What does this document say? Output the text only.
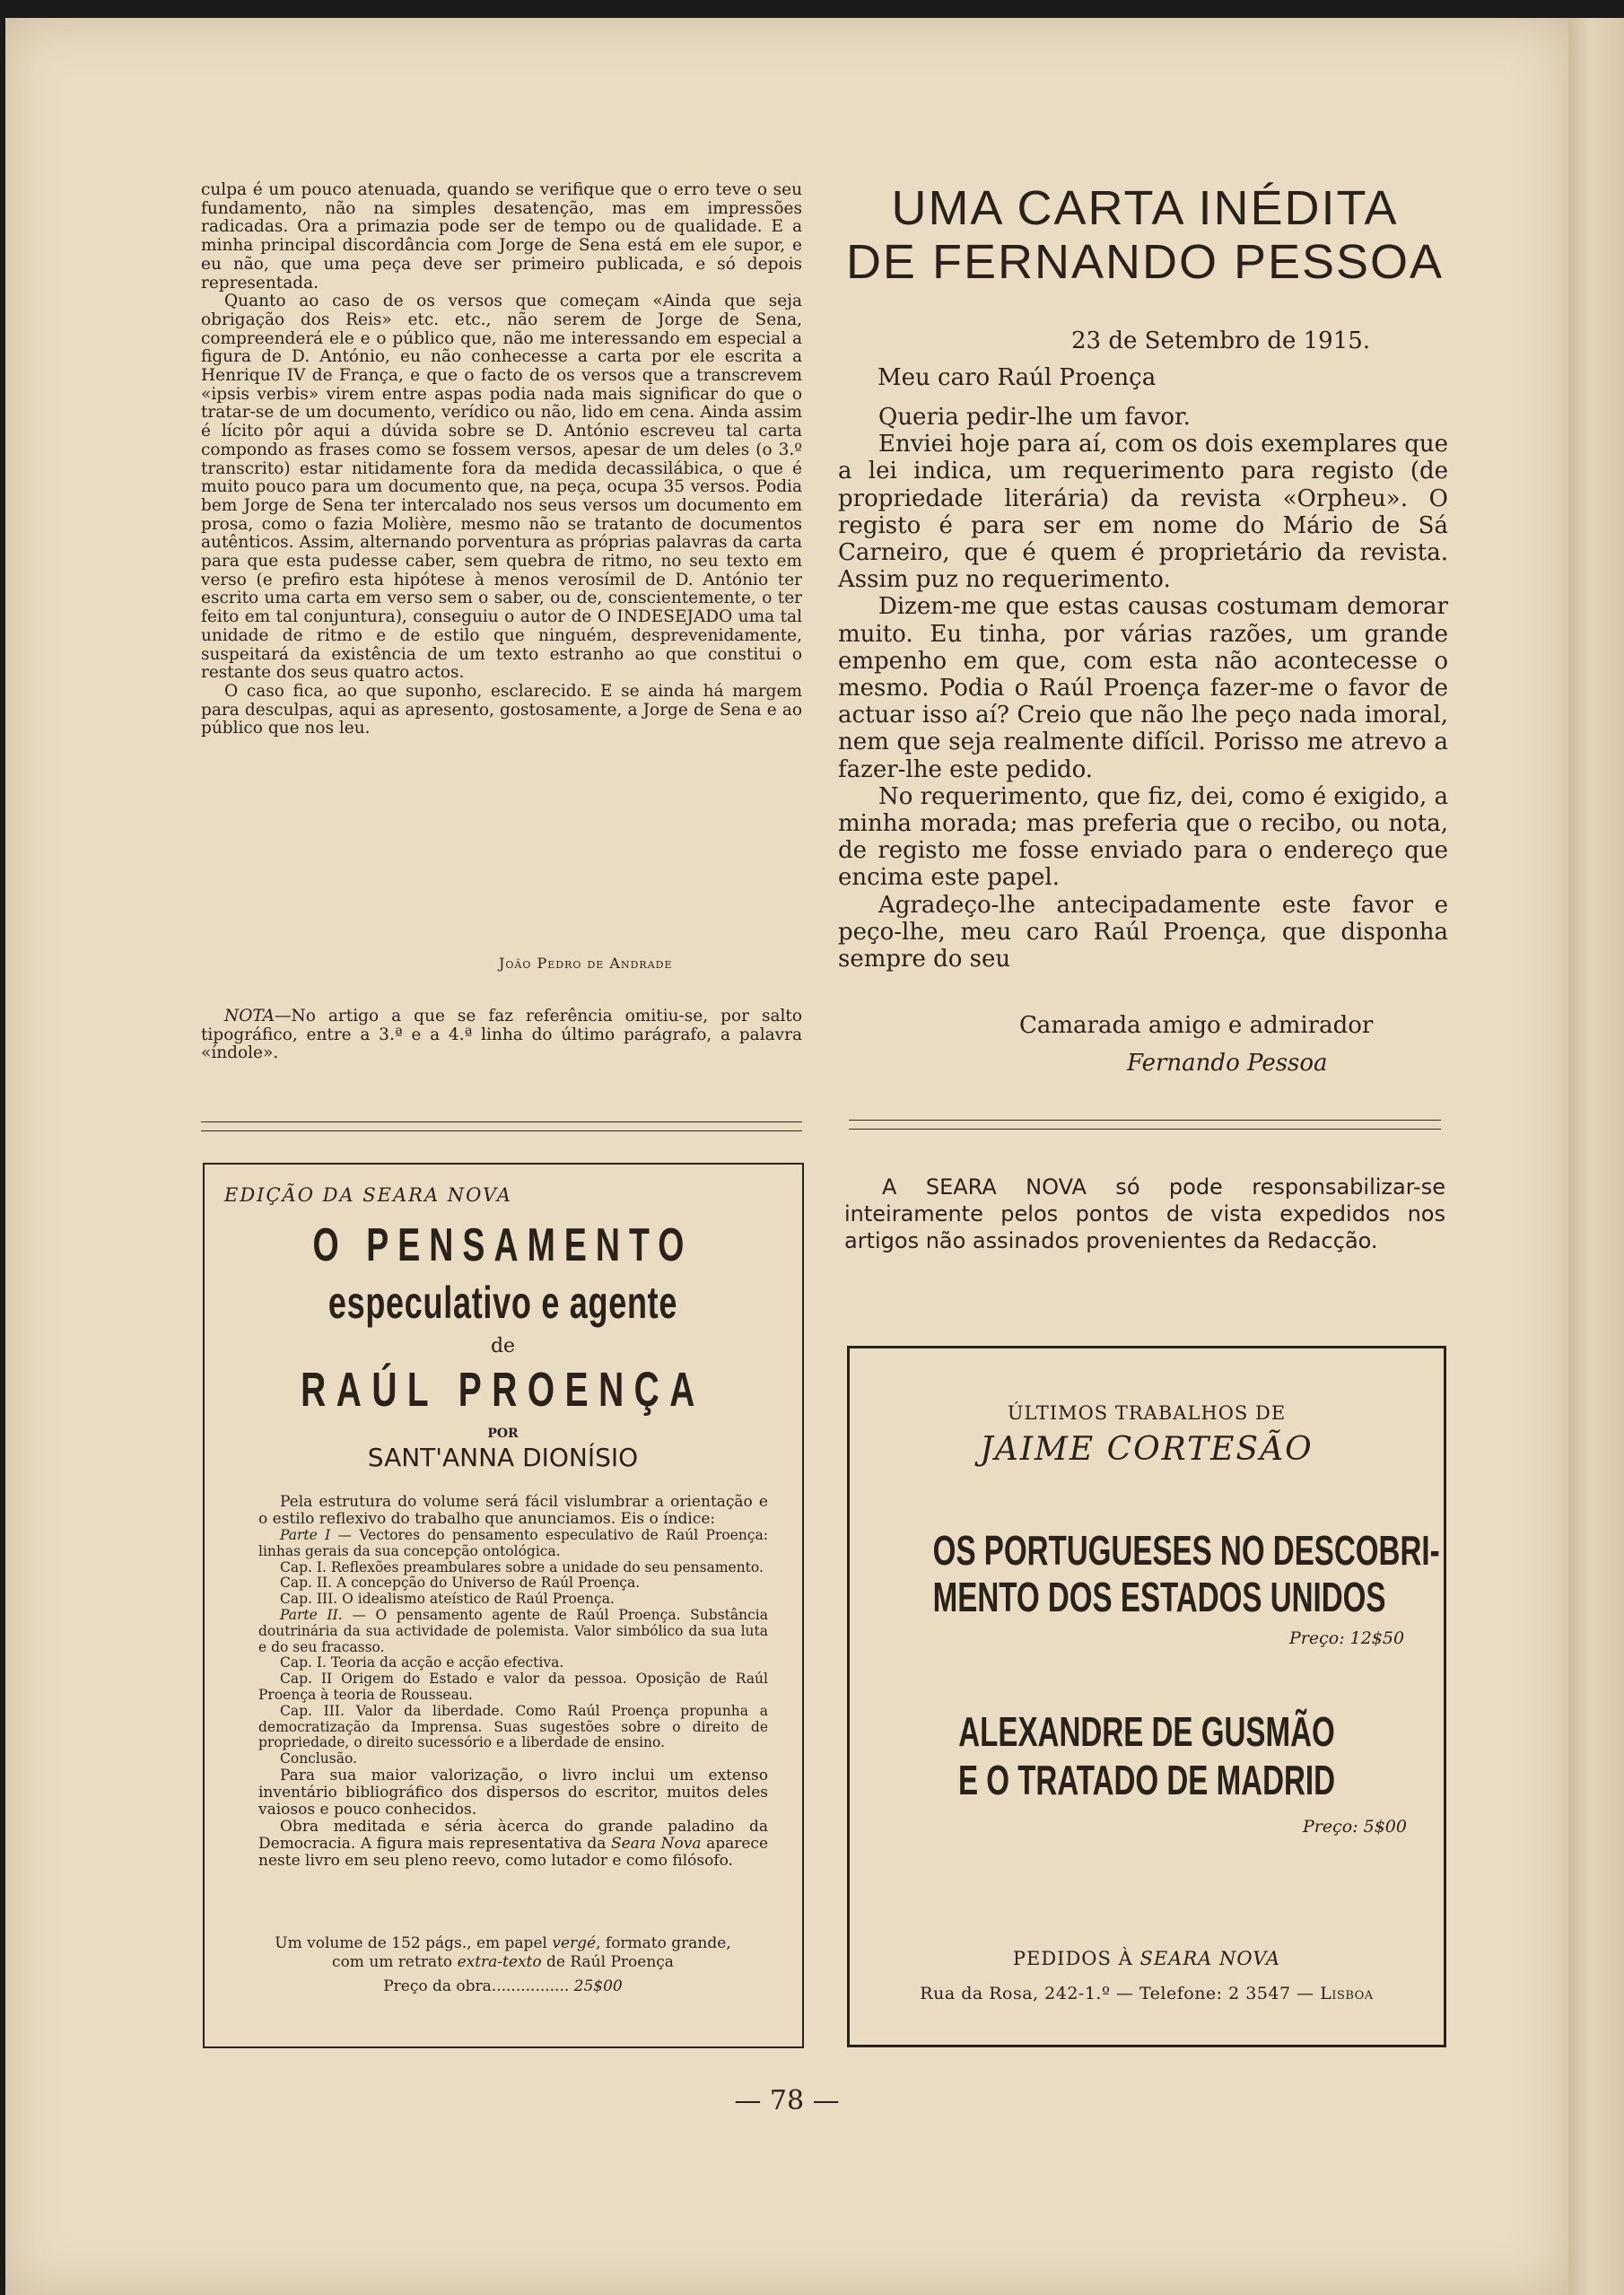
culpa é um pouco atenuada, quando se verifique que o erro teve o seu fundamento, não na simples desatenção, mas em impressões radicadas. Ora a primazia pode ser de tempo ou de qualidade. E a minha principal discordância com Jorge de Sena está em ele supor, e eu não, que uma peça deve ser primeiro publicada, e só depois representada.

Quanto ao caso de os versos que começam «Ainda que seja obrigação dos Reis» etc. etc., não serem de Jorge de Sena, compreenderá ele e o público que, não me interessando em especial a figura de D. António, eu não conhecesse a carta por ele escrita a Henrique IV de França, e que o facto de os versos que a transcrevem «ipsis verbis» virem entre aspas podia nada mais significar do que o tratar-se de um documento, verídico ou não, lido em cena. Ainda assim é lícito pôr aqui a dúvida sobre se D. António escreveu tal carta compondo as frases como se fossem versos, apesar de um deles (o 3.º transcrito) estar nitidamente fora da medida decassilábica, o que é muito pouco para um documento que, na peça, ocupa 35 versos. Podia bem Jorge de Sena ter intercalado nos seus versos um documento em prosa, como o fazia Molière, mesmo não se tratanto de documentos autênticos. Assim, alternando porventura as próprias palavras da carta para que esta pudesse caber, sem quebra de ritmo, no seu texto em verso (e prefiro esta hipótese à menos verosímil de D. António ter escrito uma carta em verso sem o saber, ou de, conscientemente, o ter feito em tal conjuntura), conseguiu o autor de O INDESEJADO uma tal unidade de ritmo e de estilo que ninguém, desprevenidamente, suspeitará da existência de um texto estranho ao que constitui o restante dos seus quatro actos.

O caso fica, ao que suponho, esclarecido. E se ainda há margem para desculpas, aqui as apresento, gostosamente, a Jorge de Sena e ao público que nos leu.

João Pedro de Andrade

NOTA—No artigo a que se faz referência omitiu-se, por salto tipográfico, entre a 3.ª e a 4.ª linha do último parágrafo, a palavra «índole».

UMA CARTA INÉDITA
DE FERNANDO PESSOA
23 de Setembro de 1915.
Meu caro Raúl Proença

Queria pedir-lhe um favor.

Enviei hoje para aí, com os dois exemplares que a lei indica, um requerimento para registo (de propriedade literária) da revista «Orpheu». O registo é para ser em nome do Mário de Sá Carneiro, que é quem é proprietário da revista. Assim puz no requerimento.

Dizem-me que estas causas costumam demorar muito. Eu tinha, por várias razões, um grande empenho em que, com esta não acontecesse o mesmo. Podia o Raúl Proença fazer-me o favor de actuar isso aí? Creio que não lhe peço nada imoral, nem que seja realmente difícil. Porisso me atrevo a fazer-lhe este pedido.

No requerimento, que fiz, dei, como é exigido, a minha morada; mas preferia que o recibo, ou nota, de registo me fosse enviado para o endereço que encima este papel.

Agradeço-lhe antecipadamente este favor e peço-lhe, meu caro Raúl Proença, que disponha sempre do seu

Camarada amigo e admirador
Fernando Pessoa
EDIÇÃO DA SEARA NOVA
O PENSAMENTO
especulativo e agente
de
RAÚL PROENÇA
POR
SANT'ANNA DIONÍSIO

Pela estrutura do volume será fácil vislumbrar a orientação e o estilo reflexivo do trabalho que anunciamos. Eis o índice:

Parte I — Vectores do pensamento especulativo de Raúl Proença: linhas gerais da sua concepção ontológica.

Cap. I. Reflexões preambulares sobre a unidade do seu pensamento.

Cap. II. A concepção do Universo de Raúl Proença.

Cap. III. O idealismo ateístico de Raúl Proença.

Parte II. — O pensamento agente de Raúl Proença. Substância doutrinária da sua actividade de polemista. Valor simbólico da sua luta e do seu fracasso.

Cap. I. Teoria da acção e acção efectiva.

Cap. II Origem do Estado e valor da pessoa. Oposição de Raúl Proença à teoria de Rousseau.

Cap. III. Valor da liberdade. Como Raúl Proença propunha a democratização da Imprensa. Suas sugestões sobre o direito de propriedade, o direito sucessório e a liberdade de ensino.

Conclusão.

Para sua maior valorização, o livro inclui um extenso inventário bibliográfico dos dispersos do escritor, muitos deles vaiosos e pouco conhecidos.

Obra meditada e séria àcerca do grande paladino da Democracia. A figura mais representativa da Seara Nova aparece neste livro em seu pleno reevo, como lutador e como filósofo.

Um volume de 152 págs., em papel vergé, formato grande,
com um retrato extra-texto de Raúl Proença
Preço da obra................ 25$00
A SEARA NOVA só pode responsabilizar-se inteiramente pelos pontos de vista expedidos nos artigos não assinados provenientes da Redacção.
ÚLTIMOS TRABALHOS DE
JAIME CORTESÃO
OS PORTUGUESES NO DESCOBRI-
MENTO DOS ESTADOS UNIDOS
Preço: 12$50
ALEXANDRE DE GUSMÃO
E O TRATADO DE MADRID
Preço: 5$00
PEDIDOS À SEARA NOVA
Rua da Rosa, 242-1.º — Telefone: 2 3547 — Lisboa
— 78 —
